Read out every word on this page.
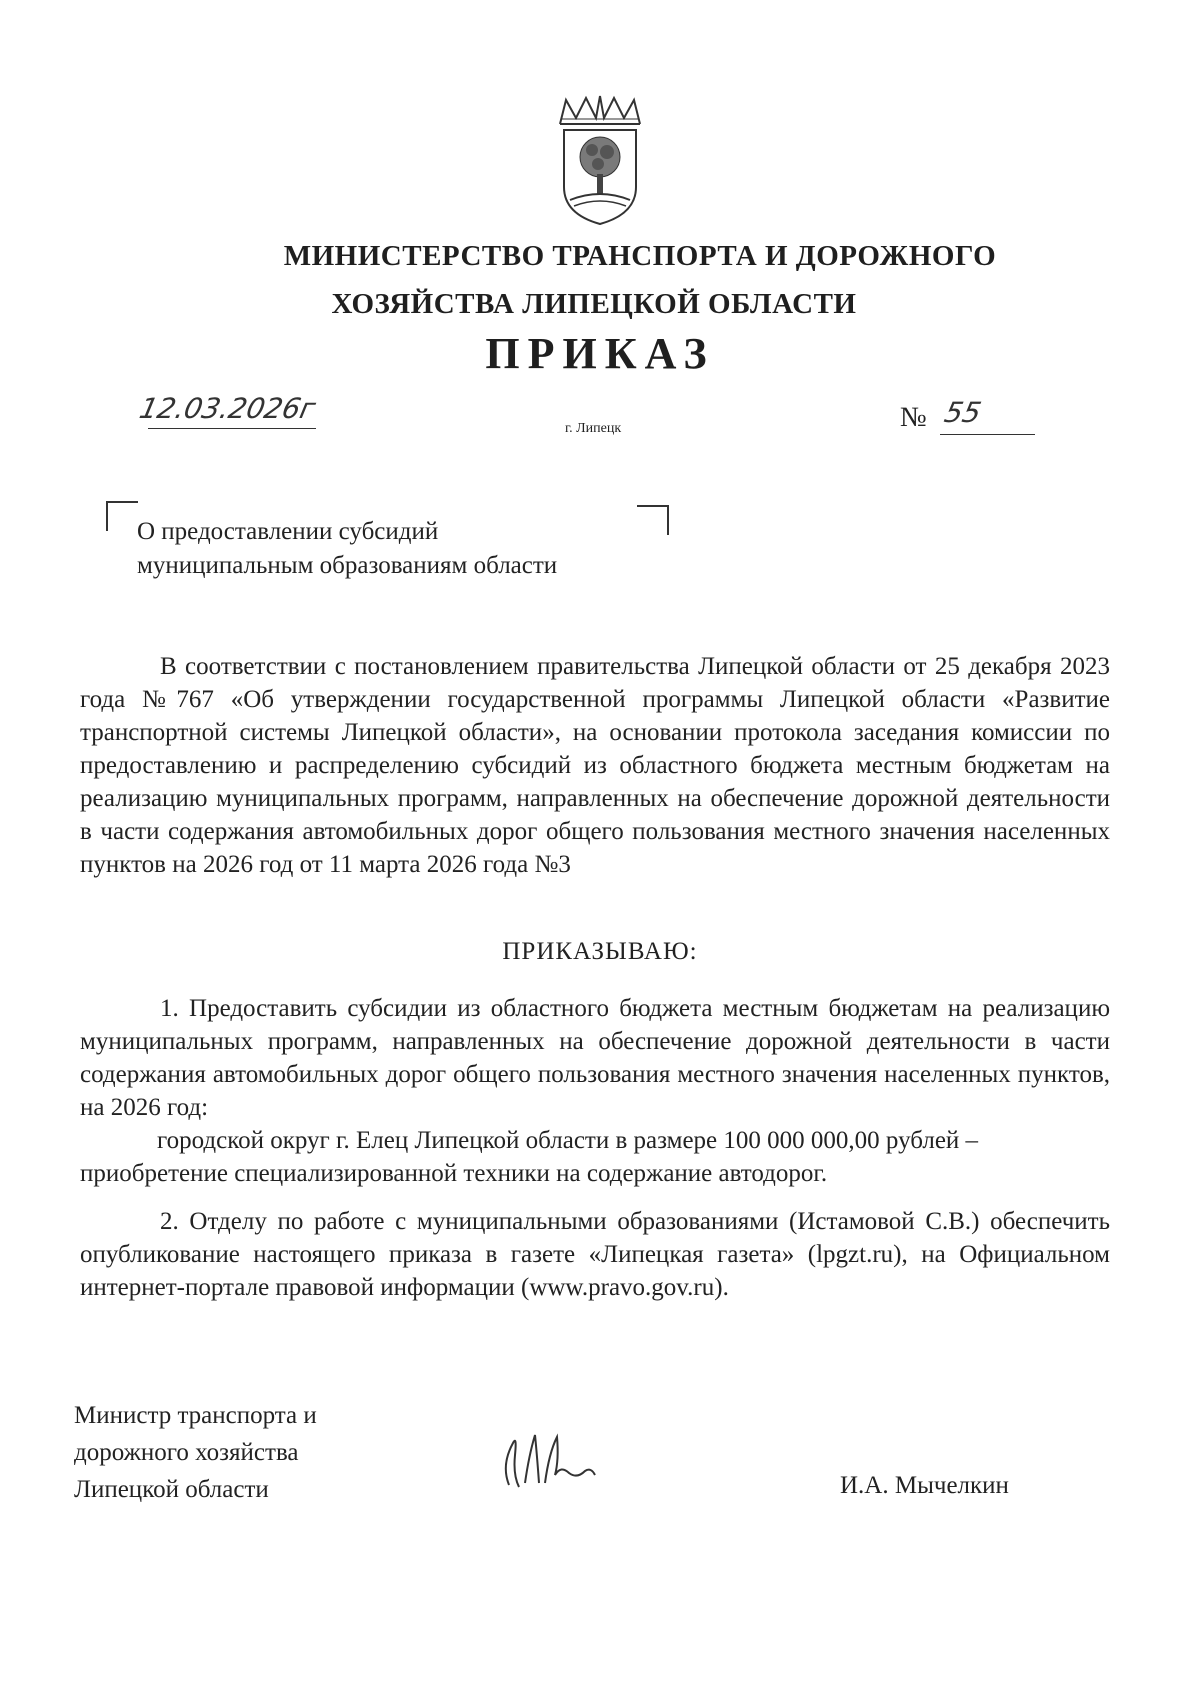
МИНИСТЕРСТВО ТРАНСПОРТА И ДОРОЖНОГО
ХОЗЯЙСТВА ЛИПЕЦКОЙ ОБЛАСТИ
ПРИКАЗ
12.03.2026г
г. Липецк	№ 55
О предоставлении субсидий
муниципальным образованиям области
В соответствии с постановлением правительства Липецкой области от 25 декабря 2023 года №767 «Об утверждении государственной программы Липецкой области «Развитие транспортной системы Липецкой области», на основании протокола заседания комиссии по предоставлению и распределению субсидий из областного бюджета местным бюджетам на реализацию муниципальных программ, направленных на обеспечение дорожной деятельности в части содержания автомобильных дорог общего пользования местного значения населенных пунктов на 2026 год от 11 марта 2026 года №3
ПРИКАЗЫВАЮ:
1. Предоставить субсидии из областного бюджета местным бюджетам на реализацию муниципальных программ, направленных на обеспечение дорожной деятельности в части содержания автомобильных дорог общего пользования местного значения населенных пунктов, на 2026 год:
городской округ г. Елец Липецкой области в размере 100 000 000,00 рублей –
приобретение специализированной техники на содержание автодорог.
2. Отделу по работе с муниципальными образованиями (Истамовой С.В.) обеспечить опубликование настоящего приказа в газете «Липецкая газета» (lpgzt.ru), на Официальном интернет-портале правовой информации (www.pravo.gov.ru).
Министр транспорта и
дорожного хозяйства
Липецкой области	И.А. Мычелкин
